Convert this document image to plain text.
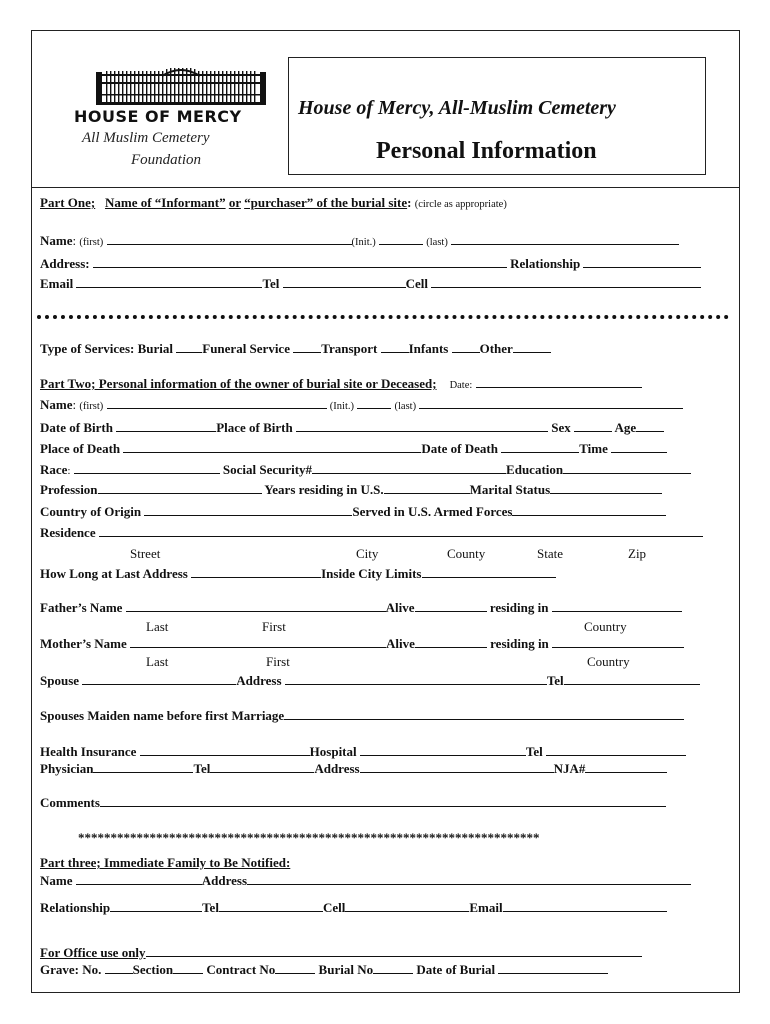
HOUSE OF MERCY
All Muslim Cemetery
Foundation
House of Mercy, All-Muslim Cemetery
Personal Information
Part One; Name of “Informant” or “purchaser” of the burial site: (circle as appropriate)
Name: (first)	(Init.)	(last)
Address:	Relationship
Email	Tel	Cell
Type of Services: Burial Funeral Service Transport Infants Other
Part Two; Personal information of the owner of burial site or Deceased; Date:
Name: (first)	(Init.)	(last)
Date of Birth	Place of Birth	Sex	Age
Place of Death	Date of Death	Time
Race:	Social Security#	Education
Profession	Years residing in U.S.	Marital Status
Country of Origin	Served in U.S. Armed Forces
Residence
Street	City	County	State	Zip
How Long at Last Address	Inside City Limits
Father’s Name	Alive	residing in
Last	First	Country
Mother’s Name	Alive	residing in
Last	First	Country
Spouse	Address	Tel
Spouses Maiden name before first Marriage
Health Insurance	Hospital	Tel
Physician	Tel	Address	NJA#
Comments
***********************************************************************
Part three; Immediate Family to Be Notified:
Name	Address
Relationship	Tel	Cell	Email
For Office use only
Grave: No. Section	Contract No	Burial No	Date of Burial
